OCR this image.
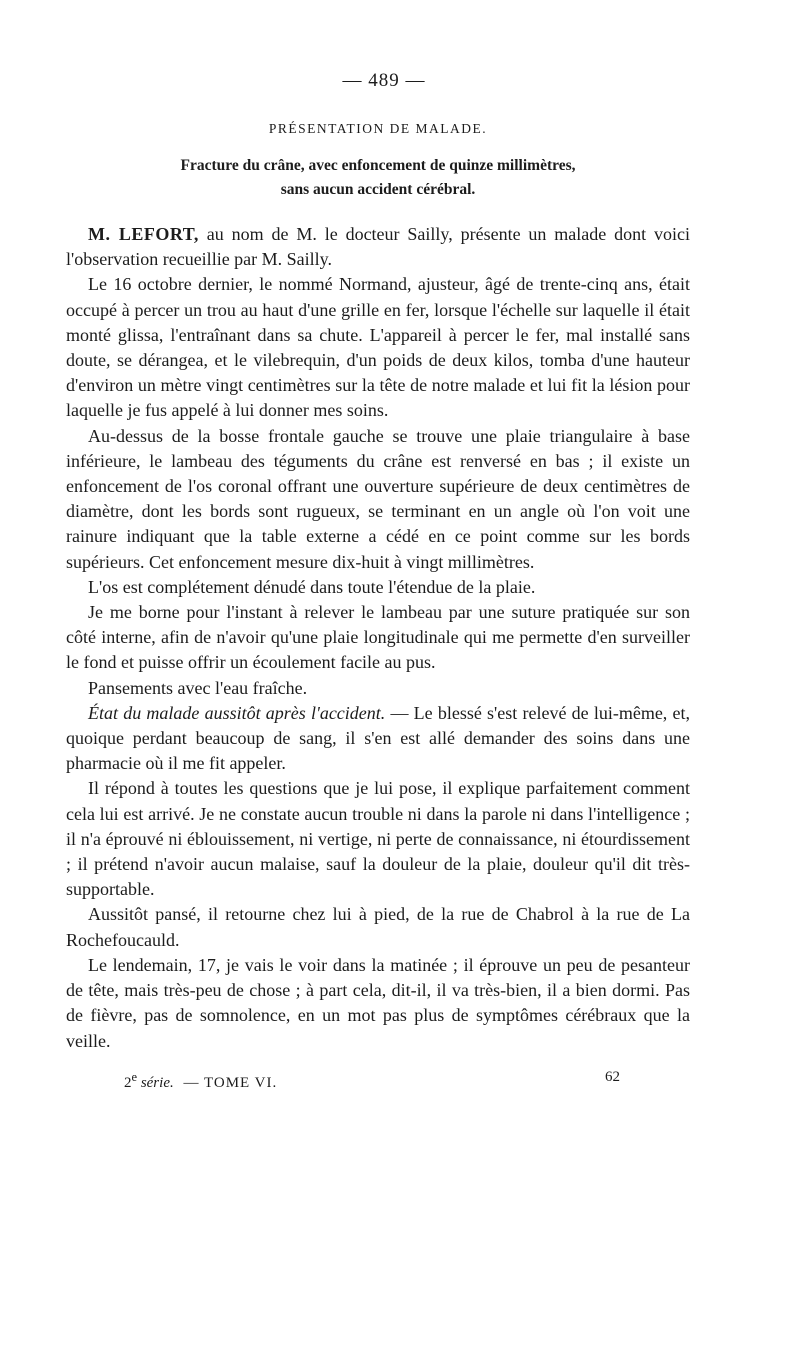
— 489 —
PRÉSENTATION DE MALADE.
Fracture du crâne, avec enfoncement de quinze millimètres,
sans aucun accident cérébral.

M. LEFORT, au nom de M. le docteur Sailly, présente un malade dont voici l'observation recueillie par M. Sailly.

Le 16 octobre dernier, le nommé Normand, ajusteur, âgé de trente-cinq ans, était occupé à percer un trou au haut d'une grille en fer, lorsque l'échelle sur laquelle il était monté glissa, l'entraînant dans sa chute. L'appareil à percer le fer, mal installé sans doute, se dérangea, et le vilebrequin, d'un poids de deux kilos, tomba d'une hauteur d'environ un mètre vingt centimètres sur la tête de notre malade et lui fit la lésion pour laquelle je fus appelé à lui donner mes soins.

Au-dessus de la bosse frontale gauche se trouve une plaie triangulaire à base inférieure, le lambeau des téguments du crâne est renversé en bas ; il existe un enfoncement de l'os coronal offrant une ouverture supérieure de deux centimètres de diamètre, dont les bords sont rugueux, se terminant en un angle où l'on voit une rainure indiquant que la table externe a cédé en ce point comme sur les bords supérieurs. Cet enfoncement mesure dix-huit à vingt millimètres.

L'os est complétement dénudé dans toute l'étendue de la plaie.

Je me borne pour l'instant à relever le lambeau par une suture pratiquée sur son côté interne, afin de n'avoir qu'une plaie longitudinale qui me permette d'en surveiller le fond et puisse offrir un écoulement facile au pus.

Pansements avec l'eau fraîche.

État du malade aussitôt après l'accident. — Le blessé s'est relevé de lui-même, et, quoique perdant beaucoup de sang, il s'en est allé demander des soins dans une pharmacie où il me fit appeler.

Il répond à toutes les questions que je lui pose, il explique parfaitement comment cela lui est arrivé. Je ne constate aucun trouble ni dans la parole ni dans l'intelligence ; il n'a éprouvé ni éblouissement, ni vertige, ni perte de connaissance, ni étourdissement ; il prétend n'avoir aucun malaise, sauf la douleur de la plaie, douleur qu'il dit très-supportable.

Aussitôt pansé, il retourne chez lui à pied, de la rue de Chabrol à la rue de La Rochefoucauld.

Le lendemain, 17, je vais le voir dans la matinée ; il éprouve un peu de pesanteur de tête, mais très-peu de chose ; à part cela, dit-il, il va très-bien, il a bien dormi. Pas de fièvre, pas de somnolence, en un mot pas plus de symptômes cérébraux que la veille.

2e série. — TOME VI.	62
